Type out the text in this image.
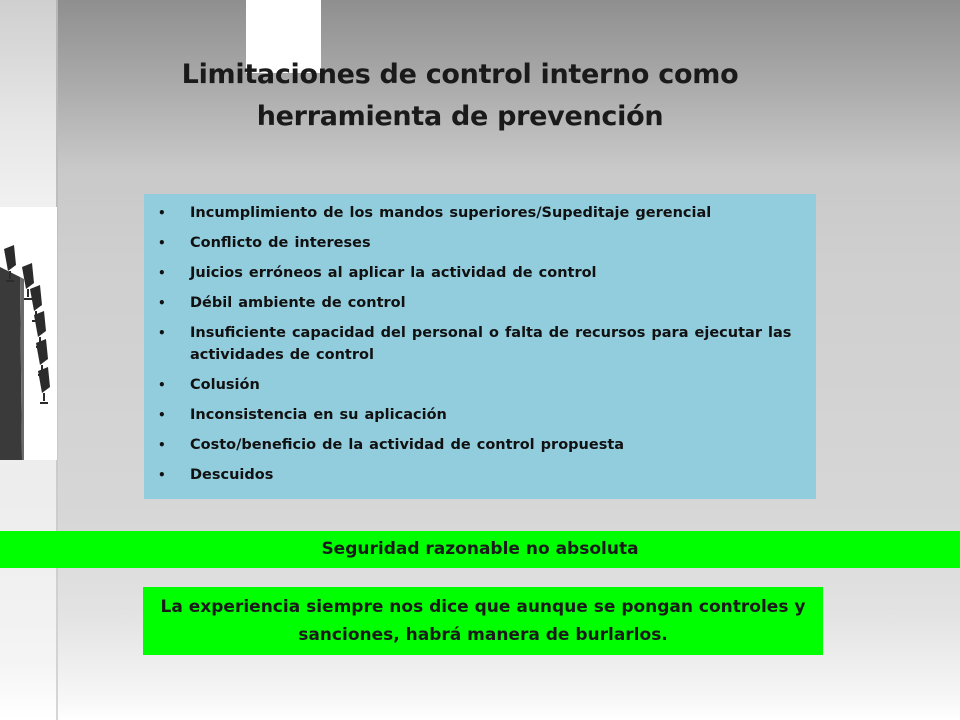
Limitaciones de control interno como herramienta de prevención
• Incumplimiento de los mandos superiores/Supeditaje gerencial
• Conflicto de intereses
• Juicios erróneos al aplicar la actividad de control
• Débil ambiente de control
• Insuficiente capacidad del personal o falta de recursos para ejecutar las actividades de control
• Colusión
• Inconsistencia en su aplicación
• Costo/beneficio de la actividad de control propuesta
• Descuidos
Seguridad razonable no absoluta
La experiencia siempre nos dice que aunque se pongan controles y sanciones, habrá manera de burlarlos.
